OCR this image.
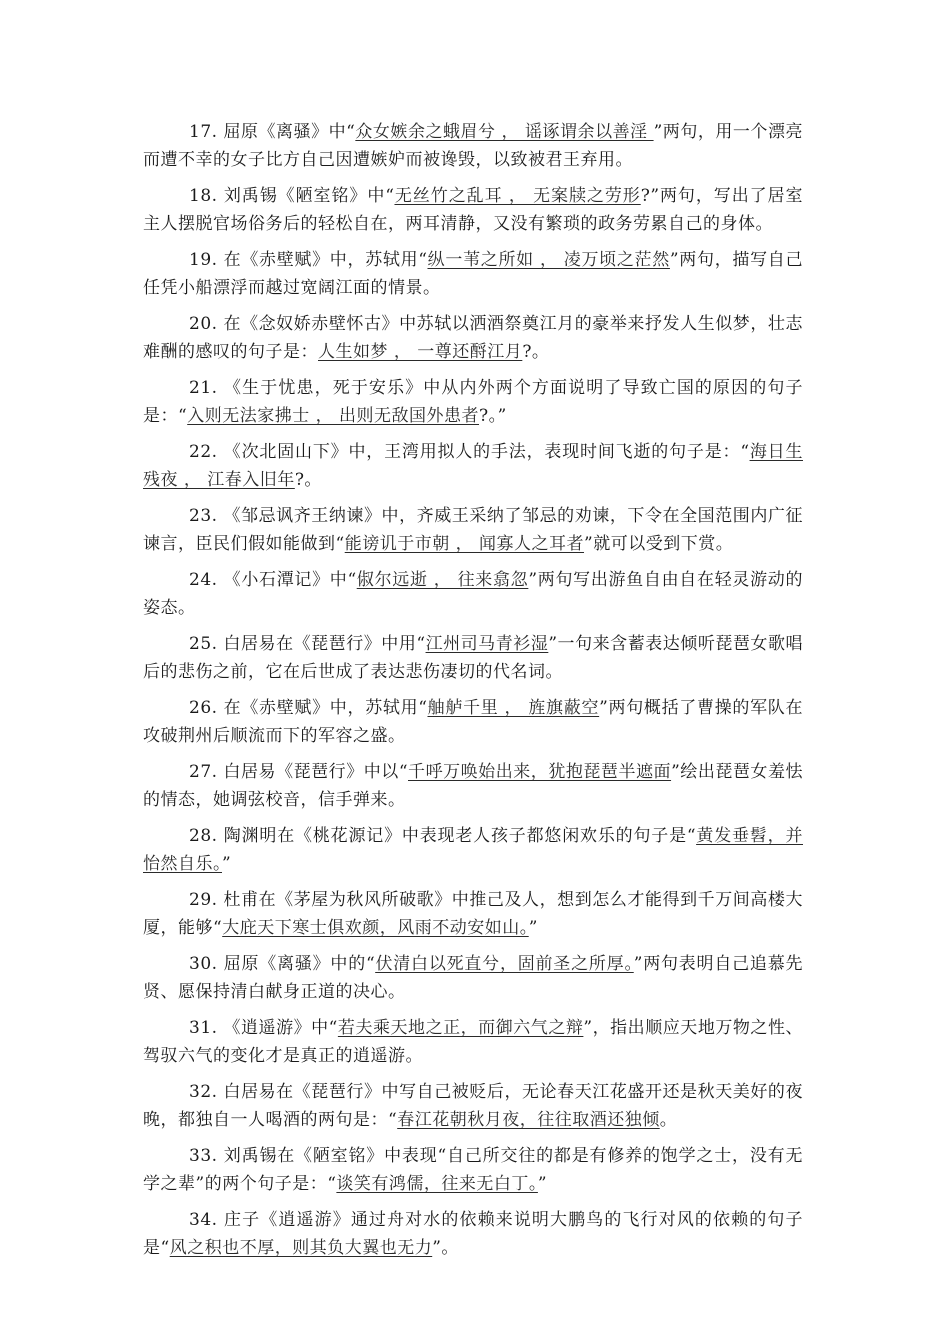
17. 屈原《离骚》中“众女嫉余之蛾眉兮 ， 谣诼谓余以善淫 ”两句，用一个漂亮而遭不幸的女子比方自己因遭嫉妒而被谗毁，以致被君王弃用。

18. 刘禹锡《陋室铭》中“无丝竹之乱耳 ， 无案牍之劳形?”两句，写出了居室主人摆脱官场俗务后的轻松自在，两耳清静，又没有繁琐的政务劳累自己的身体。

19. 在《赤壁赋》中，苏轼用“纵一苇之所如 ， 凌万顷之茫然”两句，描写自己任凭小船漂浮而越过宽阔江面的情景。

20. 在《念奴娇赤壁怀古》中苏轼以洒酒祭奠江月的豪举来抒发人生似梦，壮志难酬的感叹的句子是：人生如梦 ， 一尊还酹江月?。

21. 《生于忧患，死于安乐》中从内外两个方面说明了导致亡国的原因的句子是：“入则无法家拂士 ， 出则无敌国外患者?。”

22. 《次北固山下》中，王湾用拟人的手法，表现时间飞逝的句子是：“海日生残夜 ， 江春入旧年?。

23. 《邹忌讽齐王纳谏》中，齐威王采纳了邹忌的劝谏，下令在全国范围内广征谏言，臣民们假如能做到“能谤讥于市朝 ， 闻寡人之耳者”就可以受到下赏。

24. 《小石潭记》中“俶尔远逝 ， 往来翕忽”两句写出游鱼自由自在轻灵游动的姿态。

25. 白居易在《琵琶行》中用“江州司马青衫湿”一句来含蓄表达倾听琵琶女歌唱后的悲伤之前，它在后世成了表达悲伤凄切的代名词。

26. 在《赤壁赋》中，苏轼用“舳舻千里 ， 旌旗蔽空”两句概括了曹操的军队在攻破荆州后顺流而下的军容之盛。

27. 白居易《琵琶行》中以“千呼万唤始出来，犹抱琵琶半遮面”绘出琵琶女羞怯的情态，她调弦校音，信手弹来。

28. 陶渊明在《桃花源记》中表现老人孩子都悠闲欢乐的句子是“黄发垂髫，并怡然自乐。”

29. 杜甫在《茅屋为秋风所破歌》中推己及人，想到怎么才能得到千万间高楼大厦，能够“大庇天下寒士俱欢颜，风雨不动安如山。”

30. 屈原《离骚》中的“伏清白以死直兮，固前圣之所厚。”两句表明自己追慕先贤、愿保持清白献身正道的决心。

31. 《逍遥游》中“若夫乘天地之正，而御六气之辩”，指出顺应天地万物之性、驾驭六气的变化才是真正的逍遥游。

32. 白居易在《琵琶行》中写自己被贬后，无论春天江花盛开还是秋天美好的夜晚，都独自一人喝酒的两句是：“春江花朝秋月夜，往往取酒还独倾。

33. 刘禹锡在《陋室铭》中表现“自己所交往的都是有修养的饱学之士，没有无学之辈”的两个句子是：“谈笑有鸿儒，往来无白丁。”

34. 庄子《逍遥游》通过舟对水的依赖来说明大鹏鸟的飞行对风的依赖的句子是“风之积也不厚，则其负大翼也无力”。
